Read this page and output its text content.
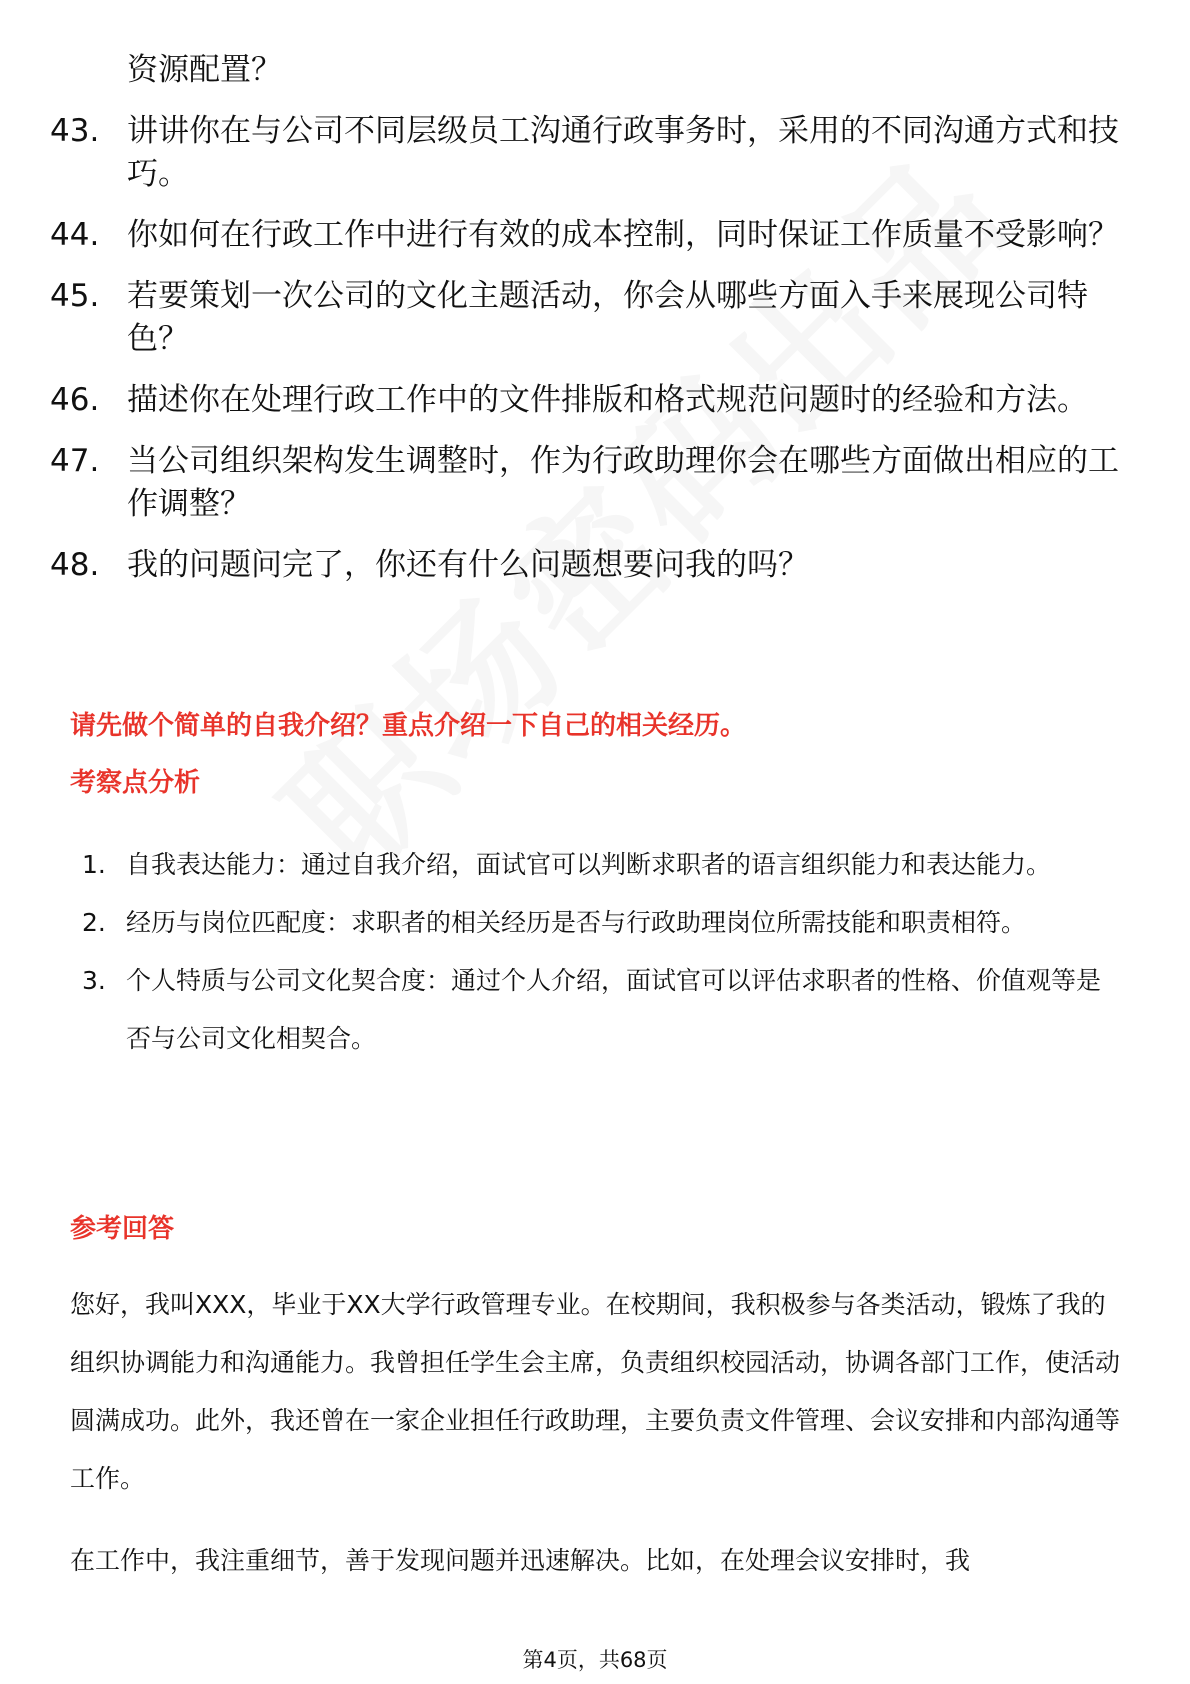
资源配置？
43. 讲讲你在与公司不同层级员工沟通行政事务时，采用的不同沟通方式和技巧。
44. 你如何在行政工作中进行有效的成本控制，同时保证工作质量不受影响？
45. 若要策划一次公司的文化主题活动，你会从哪些方面入手来展现公司特色？
46. 描述你在处理行政工作中的文件排版和格式规范问题时的经验和方法。
47. 当公司组织架构发生调整时，作为行政助理你会在哪些方面做出相应的工作调整？
48. 我的问题问完了，你还有什么问题想要问我的吗？
请先做个简单的自我介绍？重点介绍一下自己的相关经历。
考察点分析
1. 自我表达能力：通过自我介绍，面试官可以判断求职者的语言组织能力和表达能力。
2. 经历与岗位匹配度：求职者的相关经历是否与行政助理岗位所需技能和职责相符。
3. 个人特质与公司文化契合度：通过个人介绍，面试官可以评估求职者的性格、价值观等是否与公司文化相契合。
参考回答

您好，我叫XXX，毕业于XX大学行政管理专业。在校期间，我积极参与各类活动，锻炼了我的组织协调能力和沟通能力。我曾担任学生会主席，负责组织校园活动，协调各部门工作，使活动圆满成功。此外，我还曾在一家企业担任行政助理，主要负责文件管理、会议安排和内部沟通等工作。

在工作中，我注重细节，善于发现问题并迅速解决。比如，在处理会议安排时，我

第4页，共68页
